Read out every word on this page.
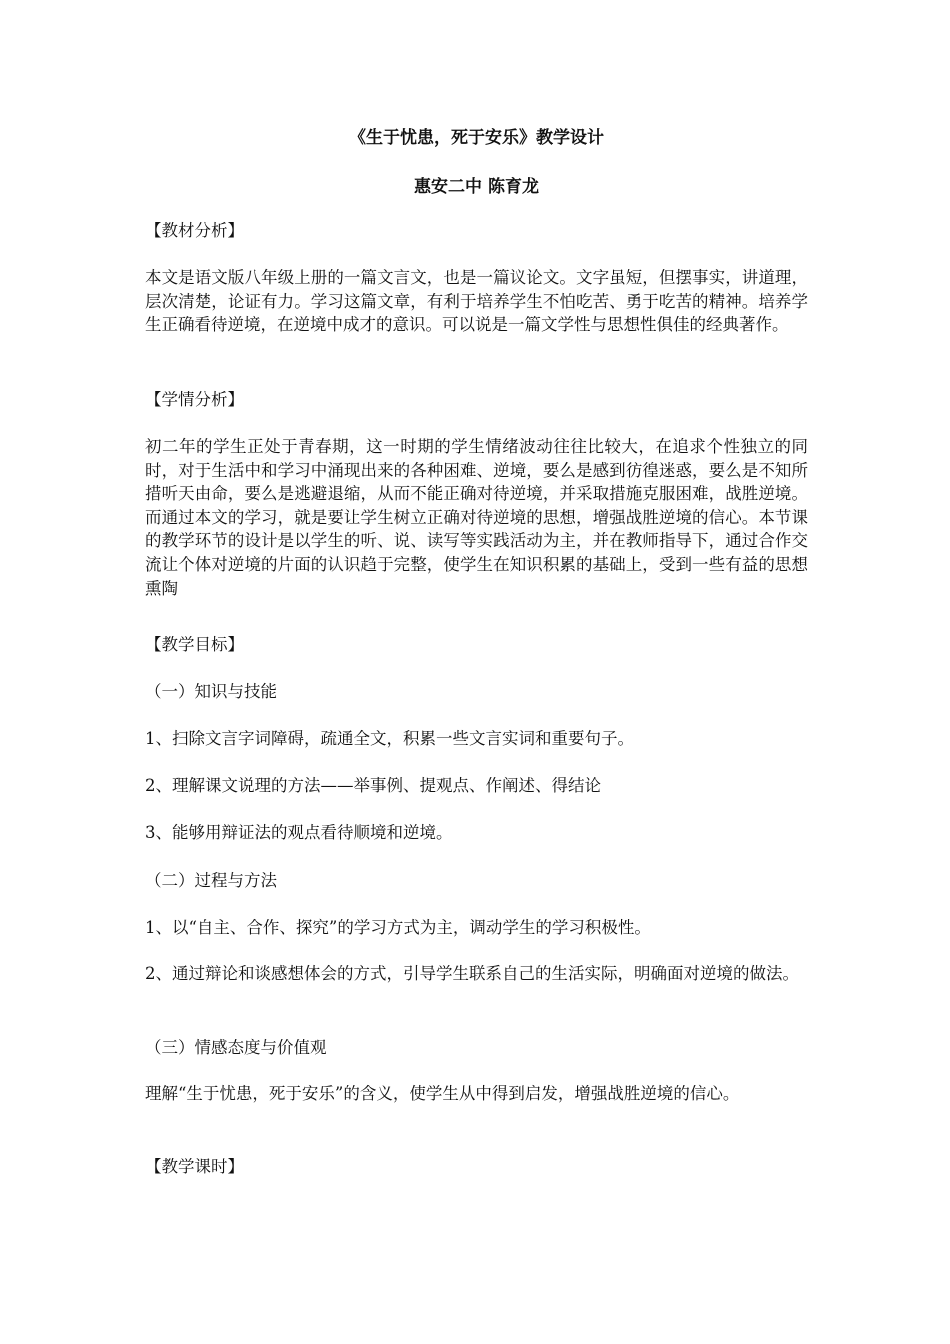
《生于忧患，死于安乐》教学设计
惠安二中 陈育龙
【教材分析】
本文是语文版八年级上册的一篇文言文，也是一篇议论文。文字虽短，但摆事实，讲道理，层次清楚，论证有力。学习这篇文章，有利于培养学生不怕吃苦、勇于吃苦的精神。培养学生正确看待逆境，在逆境中成才的意识。可以说是一篇文学性与思想性俱佳的经典著作。
【学情分析】
初二年的学生正处于青春期，这一时期的学生情绪波动往往比较大，在追求个性独立的同时，对于生活中和学习中涌现出来的各种困难、逆境，要么是感到彷徨迷惑，要么是不知所措听天由命，要么是逃避退缩，从而不能正确对待逆境，并采取措施克服困难，战胜逆境。而通过本文的学习，就是要让学生树立正确对待逆境的思想，增强战胜逆境的信心。本节课的教学环节的设计是以学生的听、说、读写等实践活动为主，并在教师指导下，通过合作交流让个体对逆境的片面的认识趋于完整，使学生在知识积累的基础上，受到一些有益的思想熏陶
【教学目标】
（一）知识与技能
1、扫除文言字词障碍，疏通全文，积累一些文言实词和重要句子。
2、理解课文说理的方法——举事例、提观点、作阐述、得结论
3、能够用辩证法的观点看待顺境和逆境。
（二）过程与方法
1、以“自主、合作、探究”的学习方式为主，调动学生的学习积极性。
2、通过辩论和谈感想体会的方式，引导学生联系自己的生活实际，明确面对逆境的做法。
（三）情感态度与价值观
理解“生于忧患，死于安乐”的含义，使学生从中得到启发，增强战胜逆境的信心。
【教学课时】
